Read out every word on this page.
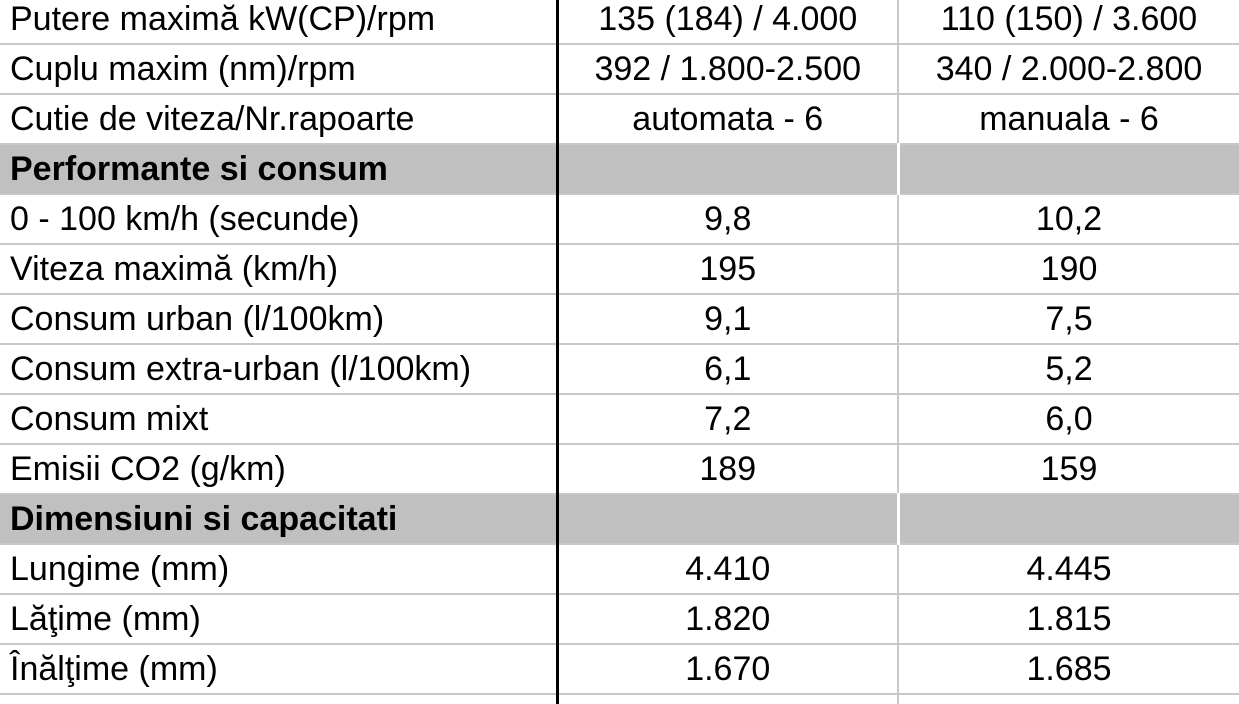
Putere maximă kW(CP)/rpm	135 (184) / 4.000	110 (150) / 3.600
Cuplu maxim (nm)/rpm	392 / 1.800-2.500	340 / 2.000-2.800
Cutie de viteza/Nr.rapoarte	automata - 6	manuala - 6
Performante si consum		
0 - 100 km/h (secunde)	9,8	10,2
Viteza maximă (km/h)	195	190
Consum urban (l/100km)	9,1	7,5
Consum extra-urban (l/100km)	6,1	5,2
Consum mixt	7,2	6,0
Emisii CO2 (g/km)	189	159
Dimensiuni si capacitati		
Lungime (mm)	4.410	4.445
Lăţime (mm)	1.820	1.815
Înălţime (mm)	1.670	1.685
